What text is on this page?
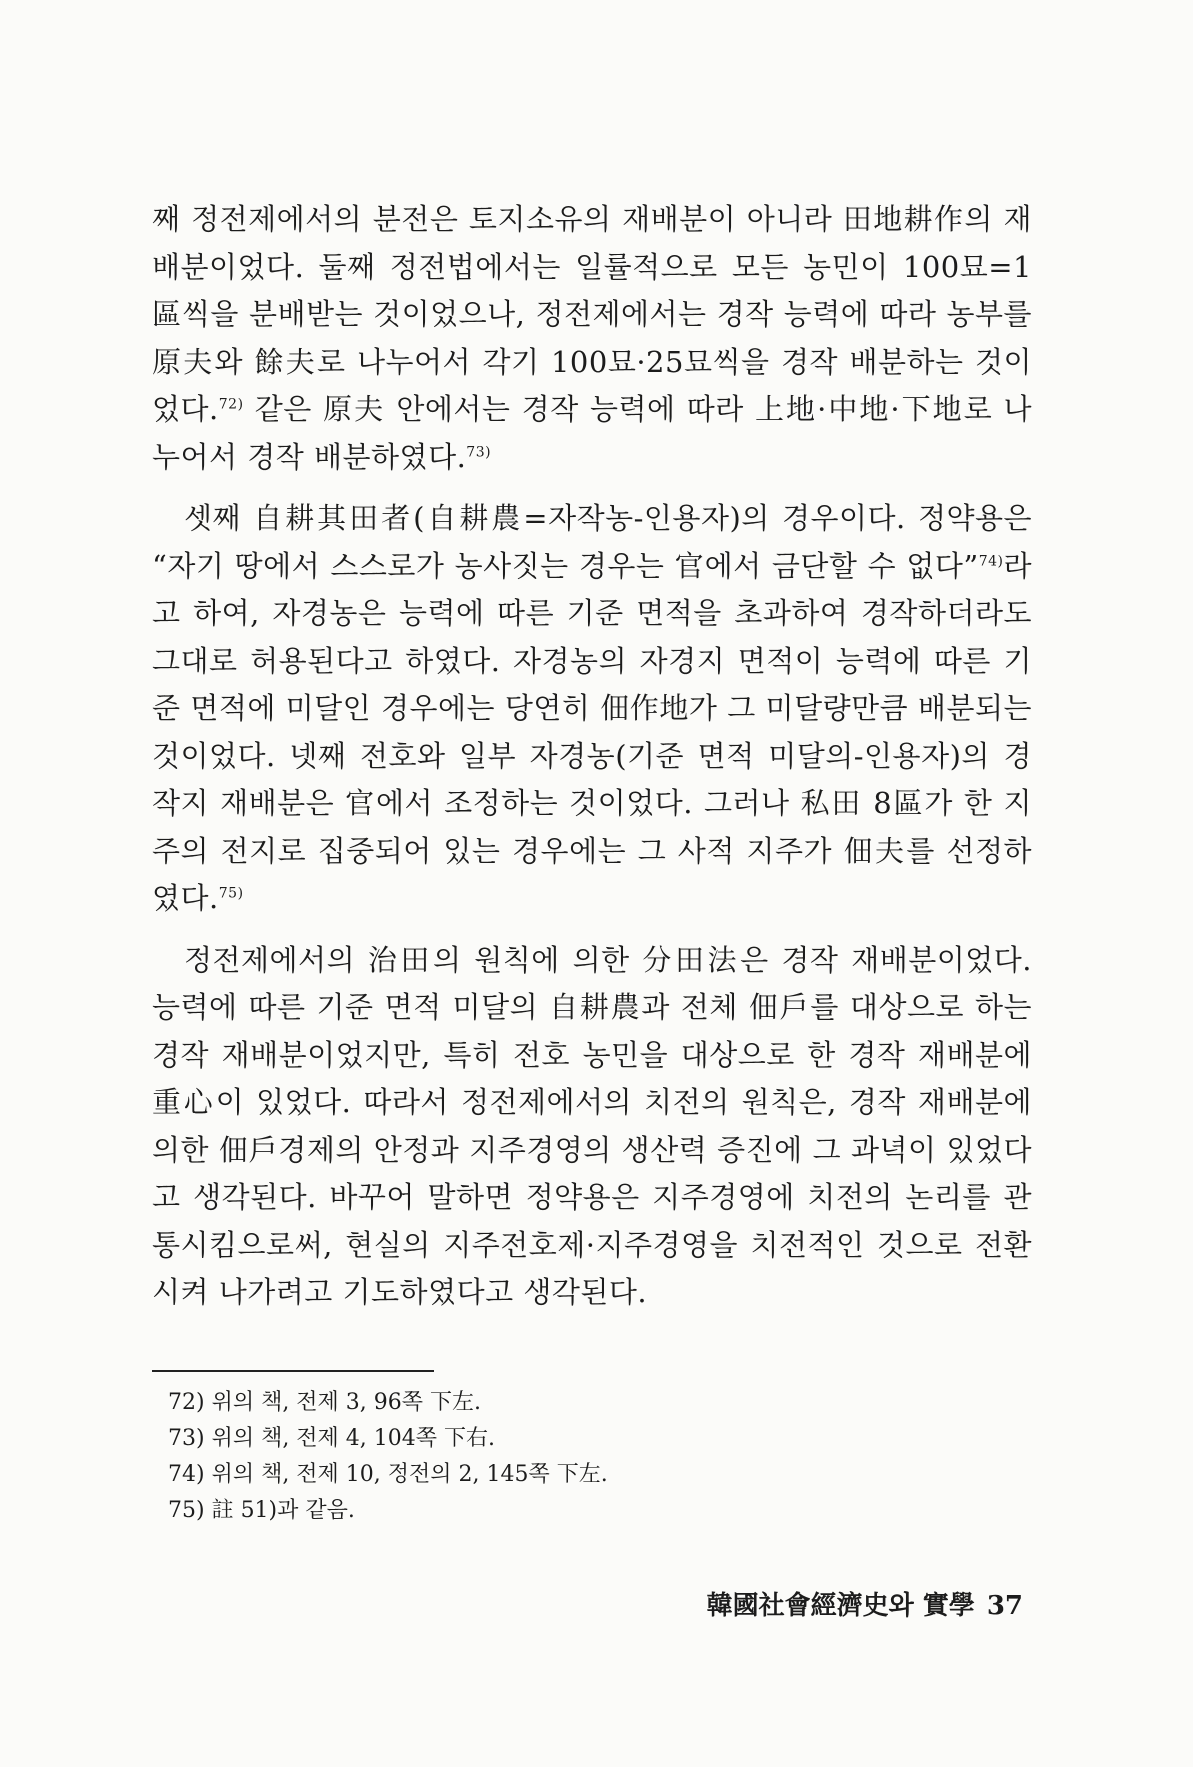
째 정전제에서의 분전은 토지소유의 재배분이 아니라 田地耕作의 재배분이었다. 둘째 정전법에서는 일률적으로 모든 농민이 100묘=1區씩을 분배받는 것이었으나, 정전제에서는 경작 능력에 따라 농부를 原夫와 餘夫로 나누어서 각기 100묘·25묘씩을 경작 배분하는 것이었다.$^{72)}$ 같은 原夫 안에서는 경작 능력에 따라 上地·中地·下地로 나누어서 경작 배분하였다.$^{73)}$

셋째 自耕其田者(自耕農=자작농-인용자)의 경우이다. 정약용은 “자기 땅에서 스스로가 농사짓는 경우는 官에서 금단할 수 없다”$^{74)}$라고 하여, 자경농은 능력에 따른 기준 면적을 초과하여 경작하더라도 그대로 허용된다고 하였다. 자경농의 자경지 면적이 능력에 따른 기준 면적에 미달인 경우에는 당연히 佃作地가 그 미달량만큼 배분되는 것이었다. 넷째 전호와 일부 자경농(기준 면적 미달의-인용자)의 경작지 재배분은 官에서 조정하는 것이었다. 그러나 私田 8區가 한 지주의 전지로 집중되어 있는 경우에는 그 사적 지주가 佃夫를 선정하였다.$^{75)}$

정전제에서의 治田의 원칙에 의한 分田法은 경작 재배분이었다. 능력에 따른 기준 면적 미달의 自耕農과 전체 佃戶를 대상으로 하는 경작 재배분이었지만, 특히 전호 농민을 대상으로 한 경작 재배분에 重心이 있었다. 따라서 정전제에서의 치전의 원칙은, 경작 재배분에 의한 佃戶경제의 안정과 지주경영의 생산력 증진에 그 과녁이 있었다고 생각된다. 바꾸어 말하면 정약용은 지주경영에 치전의 논리를 관통시킴으로써, 현실의 지주전호제·지주경영을 치전적인 것으로 전환시켜 나가려고 기도하였다고 생각된다.

72) 위의 책, 전제 3, 96쪽 下左.
73) 위의 책, 전제 4, 104쪽 下右.
74) 위의 책, 전제 10, 정전의 2, 145쪽 下左.
75) 註 51)과 같음.
韓國社會經濟史와 實學 37
